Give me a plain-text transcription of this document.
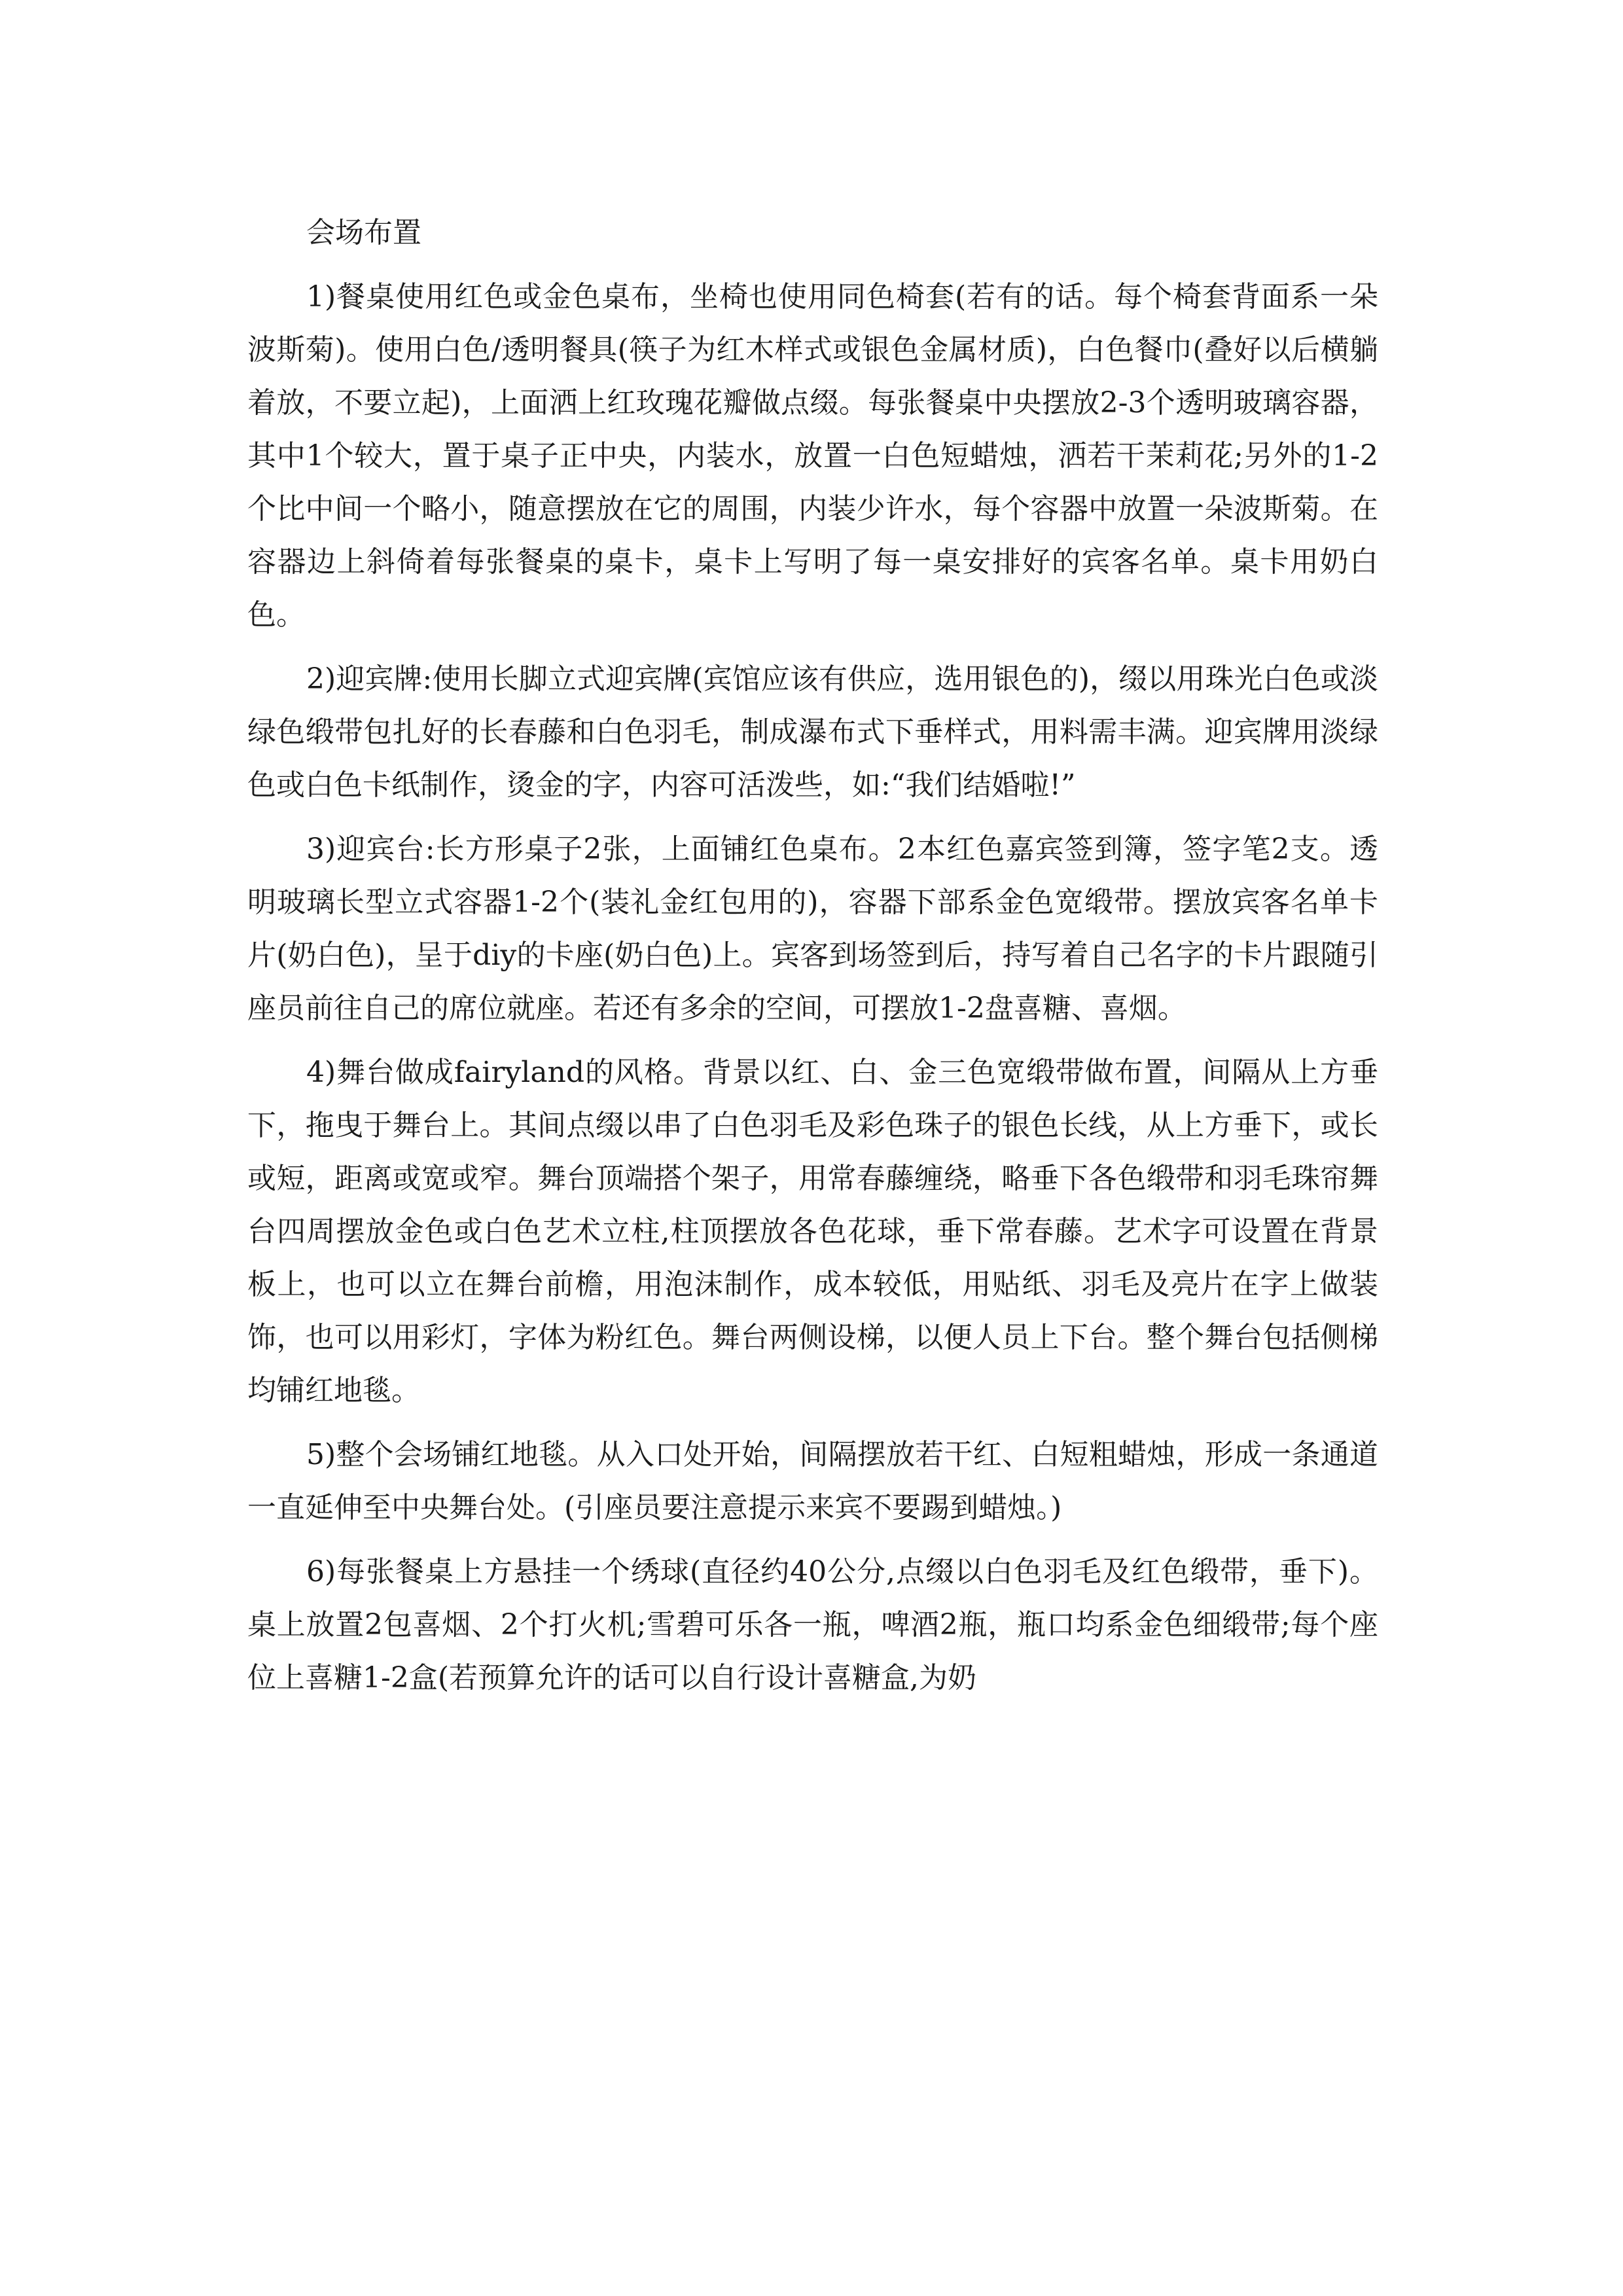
会场布置

1)餐桌使用红色或金色桌布，坐椅也使用同色椅套(若有的话。每个椅套背面系一朵波斯菊)。使用白色/透明餐具(筷子为红木样式或银色金属材质)，白色餐巾(叠好以后横躺着放，不要立起)，上面洒上红玫瑰花瓣做点缀。每张餐桌中央摆放2-3个透明玻璃容器，其中1个较大，置于桌子正中央，内装水，放置一白色短蜡烛，洒若干茉莉花;另外的1-2个比中间一个略小，随意摆放在它的周围，内装少许水，每个容器中放置一朵波斯菊。在容器边上斜倚着每张餐桌的桌卡，桌卡上写明了每一桌安排好的宾客名单。桌卡用奶白色。

2)迎宾牌:使用长脚立式迎宾牌(宾馆应该有供应，选用银色的)，缀以用珠光白色或淡绿色缎带包扎好的长春藤和白色羽毛，制成瀑布式下垂样式，用料需丰满。迎宾牌用淡绿色或白色卡纸制作，烫金的字，内容可活泼些，如:“我们结婚啦!”

3)迎宾台:长方形桌子2张，上面铺红色桌布。2本红色嘉宾签到簿，签字笔2支。透明玻璃长型立式容器1-2个(装礼金红包用的)，容器下部系金色宽缎带。摆放宾客名单卡片(奶白色)，呈于diy的卡座(奶白色)上。宾客到场签到后，持写着自己名字的卡片跟随引座员前往自己的席位就座。若还有多余的空间，可摆放1-2盘喜糖、喜烟。

4)舞台做成fairyland的风格。背景以红、白、金三色宽缎带做布置，间隔从上方垂下，拖曳于舞台上。其间点缀以串了白色羽毛及彩色珠子的银色长线，从上方垂下，或长或短，距离或宽或窄。舞台顶端搭个架子，用常春藤缠绕，略垂下各色缎带和羽毛珠帘舞台四周摆放金色或白色艺术立柱,柱顶摆放各色花球，垂下常春藤。艺术字可设置在背景板上，也可以立在舞台前檐，用泡沫制作，成本较低，用贴纸、羽毛及亮片在字上做装饰，也可以用彩灯，字体为粉红色。舞台两侧设梯，以便人员上下台。整个舞台包括侧梯均铺红地毯。

5)整个会场铺红地毯。从入口处开始，间隔摆放若干红、白短粗蜡烛，形成一条通道一直延伸至中央舞台处。(引座员要注意提示来宾不要踢到蜡烛。)

6)每张餐桌上方悬挂一个绣球(直径约40公分,点缀以白色羽毛及红色缎带，垂下)。桌上放置2包喜烟、2个打火机;雪碧可乐各一瓶，啤酒2瓶，瓶口均系金色细缎带;每个座位上喜糖1-2盒(若预算允许的话可以自行设计喜糖盒,为奶
